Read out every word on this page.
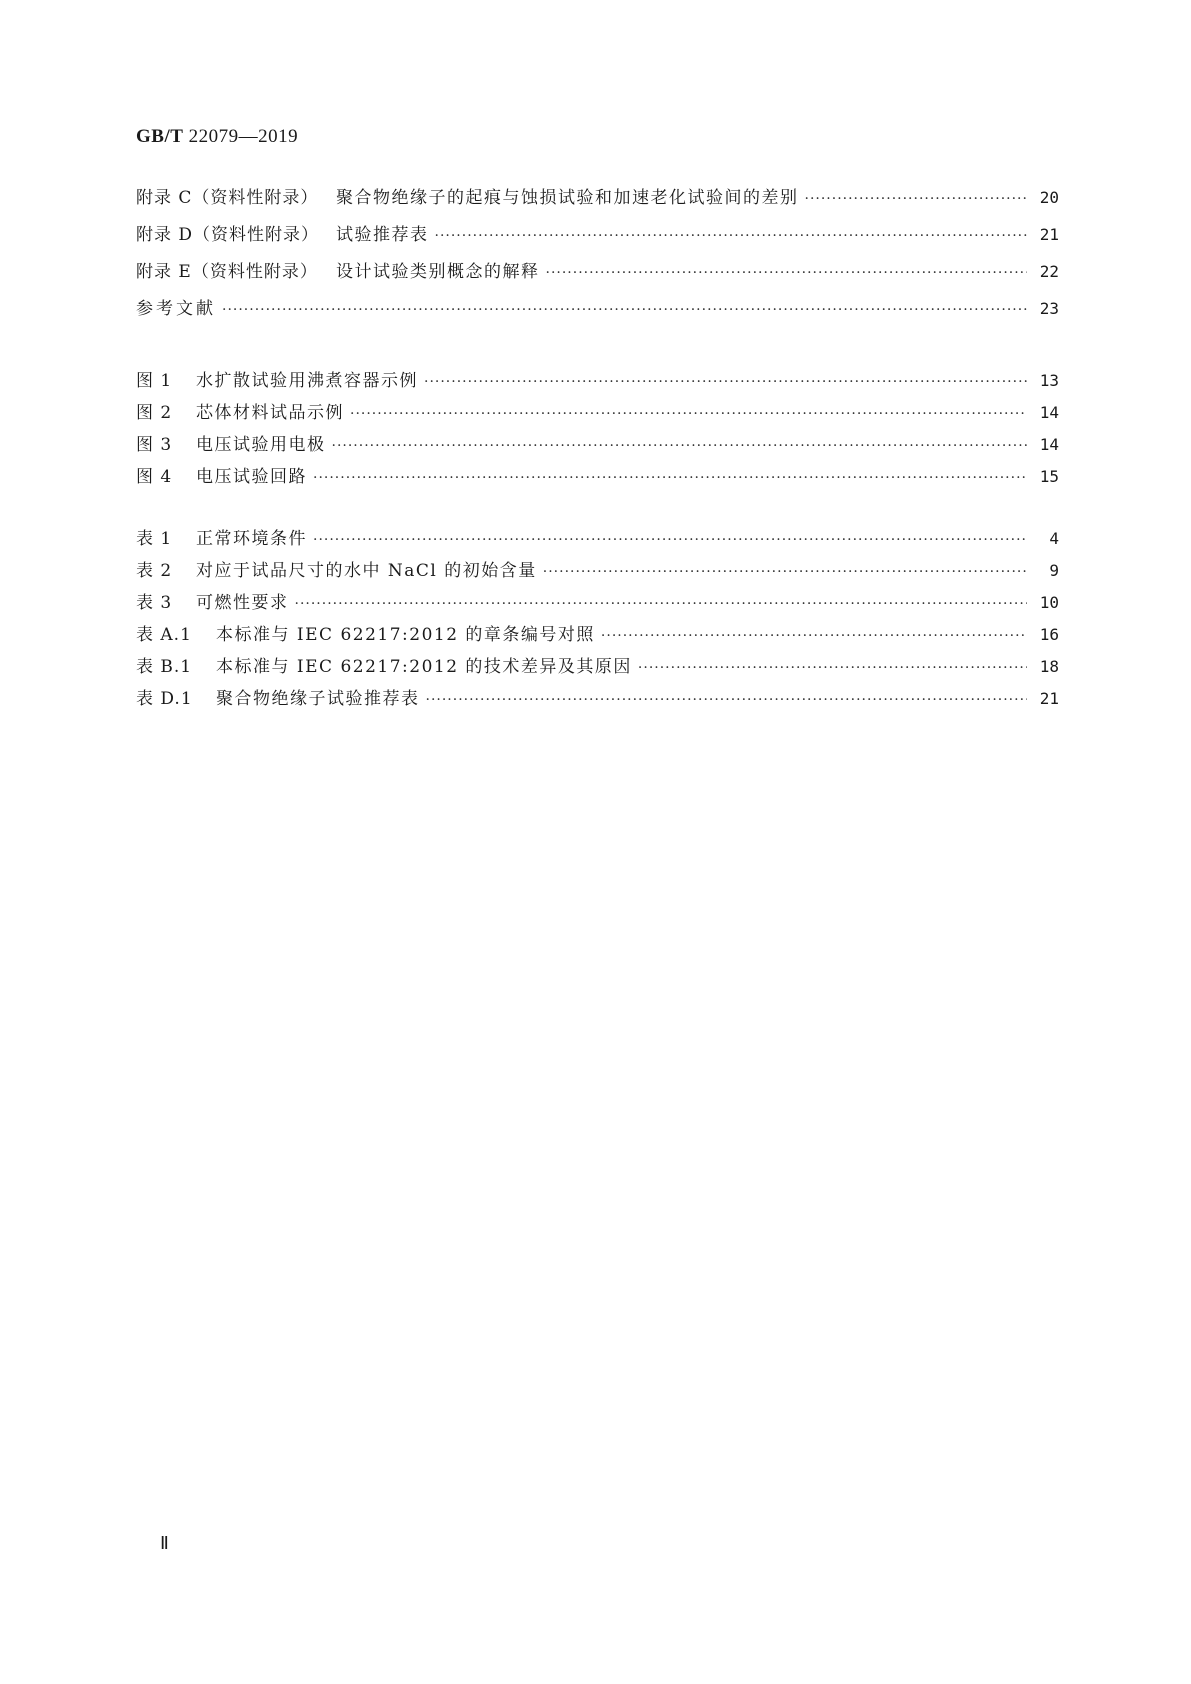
GB/T 22079—2019
附录 C（资料性附录）	聚合物绝缘子的起痕与蚀损试验和加速老化试验间的差别 ·····	20
附录 D（资料性附录） 试验推荐表 ·····	21
附录 E（资料性附录）	设计试验类别概念的解释 ·····	22
参考文献 ·····	23
图 1	水扩散试验用沸煮容器示例 ·····	13
图 2	芯体材料试品示例 ·····	14
图 3	电压试验用电极 ·····	14
图 4	电压试验回路 ·····	15
表 1	正常环境条件 ·····	4
表 2	对应于试品尺寸的水中 NaCl 的初始含量 ·····	9
表 3	可燃性要求 ·····	10
表 A.1	本标准与 IEC 62217:2012 的章条编号对照 ·····	16
表 B.1	本标准与 IEC 62217:2012 的技术差异及其原因 ·····	18
表 D.1	聚合物绝缘子试验推荐表 ·····	21
Ⅱ
